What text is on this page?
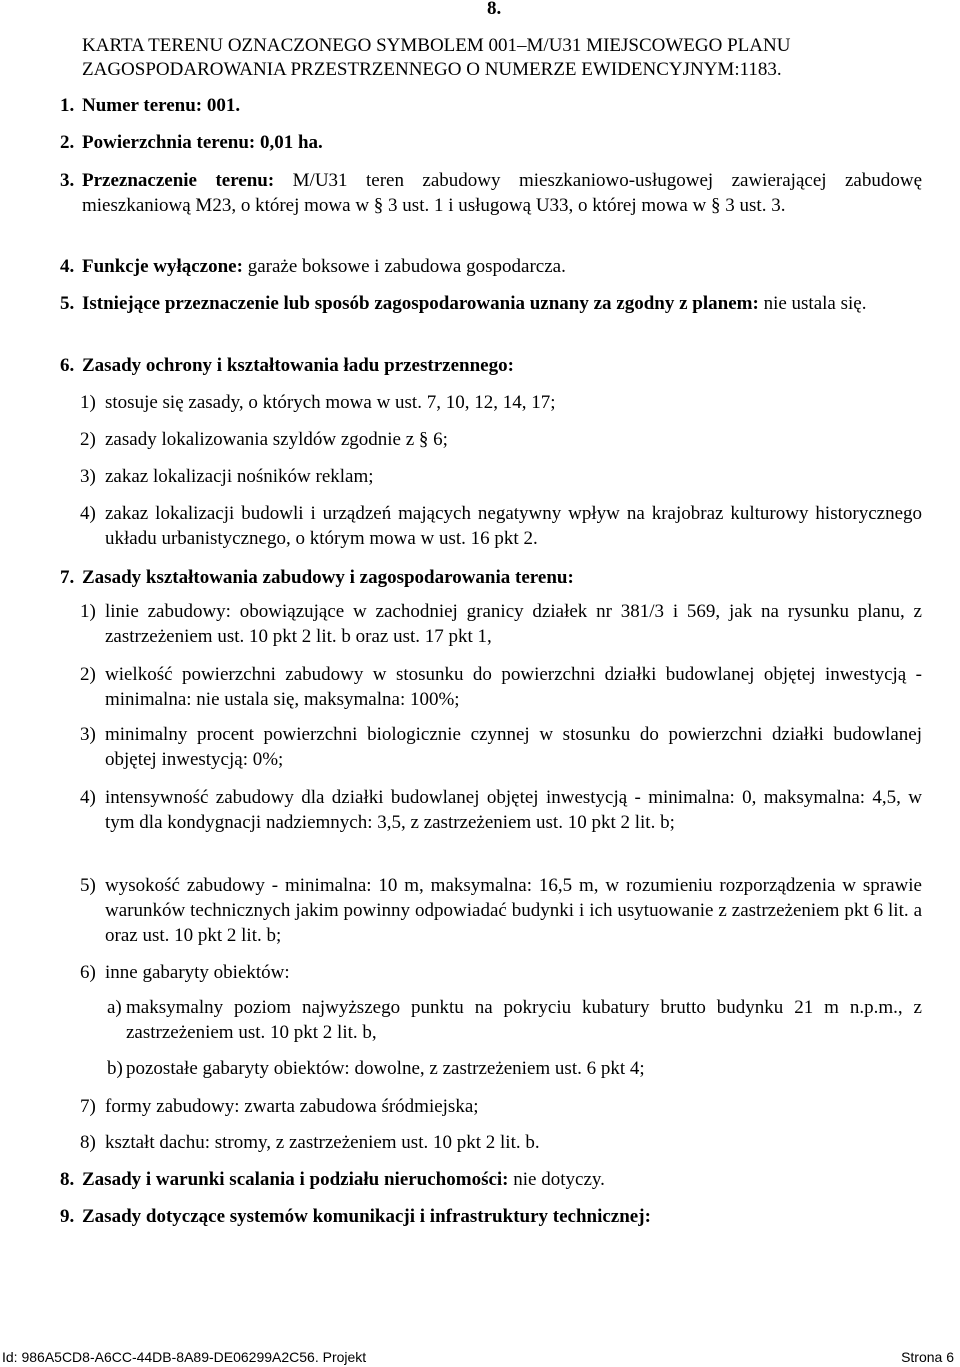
8.
KARTA TERENU OZNACZONEGO SYMBOLEM 001–M/U31 MIEJSCOWEGO PLANU
ZAGOSPODAROWANIA PRZESTRZENNEGO O NUMERZE EWIDENCYJNYM:1183.
1. Numer terenu: 001.
2. Powierzchnia terenu: 0,01 ha.
3. Przeznaczenie terenu: M/U31 teren zabudowy mieszkaniowo-usługowej zawierającej zabudowę mieszkaniową M23, o której mowa w § 3 ust. 1 i usługową U33, o której mowa w § 3 ust. 3.
4. Funkcje wyłączone: garaże boksowe i zabudowa gospodarcza.
5. Istniejące przeznaczenie lub sposób zagospodarowania uznany za zgodny z planem: nie ustala się.
6. Zasady ochrony i kształtowania ładu przestrzennego:
1) stosuje się zasady, o których mowa w ust. 7, 10, 12, 14, 17;
2) zasady lokalizowania szyldów zgodnie z § 6;
3) zakaz lokalizacji nośników reklam;
4) zakaz lokalizacji budowli i urządzeń mających negatywny wpływ na krajobraz kulturowy historycznego układu urbanistycznego, o którym mowa w ust. 16 pkt 2.
7. Zasady kształtowania zabudowy i zagospodarowania terenu:
1) linie zabudowy: obowiązujące w zachodniej granicy działek nr 381/3 i 569, jak na rysunku planu, z zastrzeżeniem ust. 10 pkt 2 lit. b oraz ust. 17 pkt 1,
2) wielkość powierzchni zabudowy w stosunku do powierzchni działki budowlanej objętej inwestycją - minimalna: nie ustala się, maksymalna: 100%;
3) minimalny procent powierzchni biologicznie czynnej w stosunku do powierzchni działki budowlanej objętej inwestycją: 0%;
4) intensywność zabudowy dla działki budowlanej objętej inwestycją - minimalna: 0, maksymalna: 4,5, w tym dla kondygnacji nadziemnych: 3,5, z zastrzeżeniem ust. 10 pkt 2 lit. b;
5) wysokość zabudowy - minimalna: 10 m, maksymalna: 16,5 m, w rozumieniu rozporządzenia w sprawie warunków technicznych jakim powinny odpowiadać budynki i ich usytuowanie z zastrzeżeniem pkt 6 lit. a oraz ust. 10 pkt 2 lit. b;
6) inne gabaryty obiektów:
a) maksymalny poziom najwyższego punktu na pokryciu kubatury brutto budynku 21 m n.p.m., z zastrzeżeniem ust. 10 pkt 2 lit. b,
b) pozostałe gabaryty obiektów: dowolne, z zastrzeżeniem ust. 6 pkt 4;
7) formy zabudowy: zwarta zabudowa śródmiejska;
8) kształt dachu: stromy, z zastrzeżeniem ust. 10 pkt 2 lit. b.
8. Zasady i warunki scalania i podziału nieruchomości: nie dotyczy.
9. Zasady dotyczące systemów komunikacji i infrastruktury technicznej:
Id: 986A5CD8-A6CC-44DB-8A89-DE06299A2C56. Projekt	Strona 6
